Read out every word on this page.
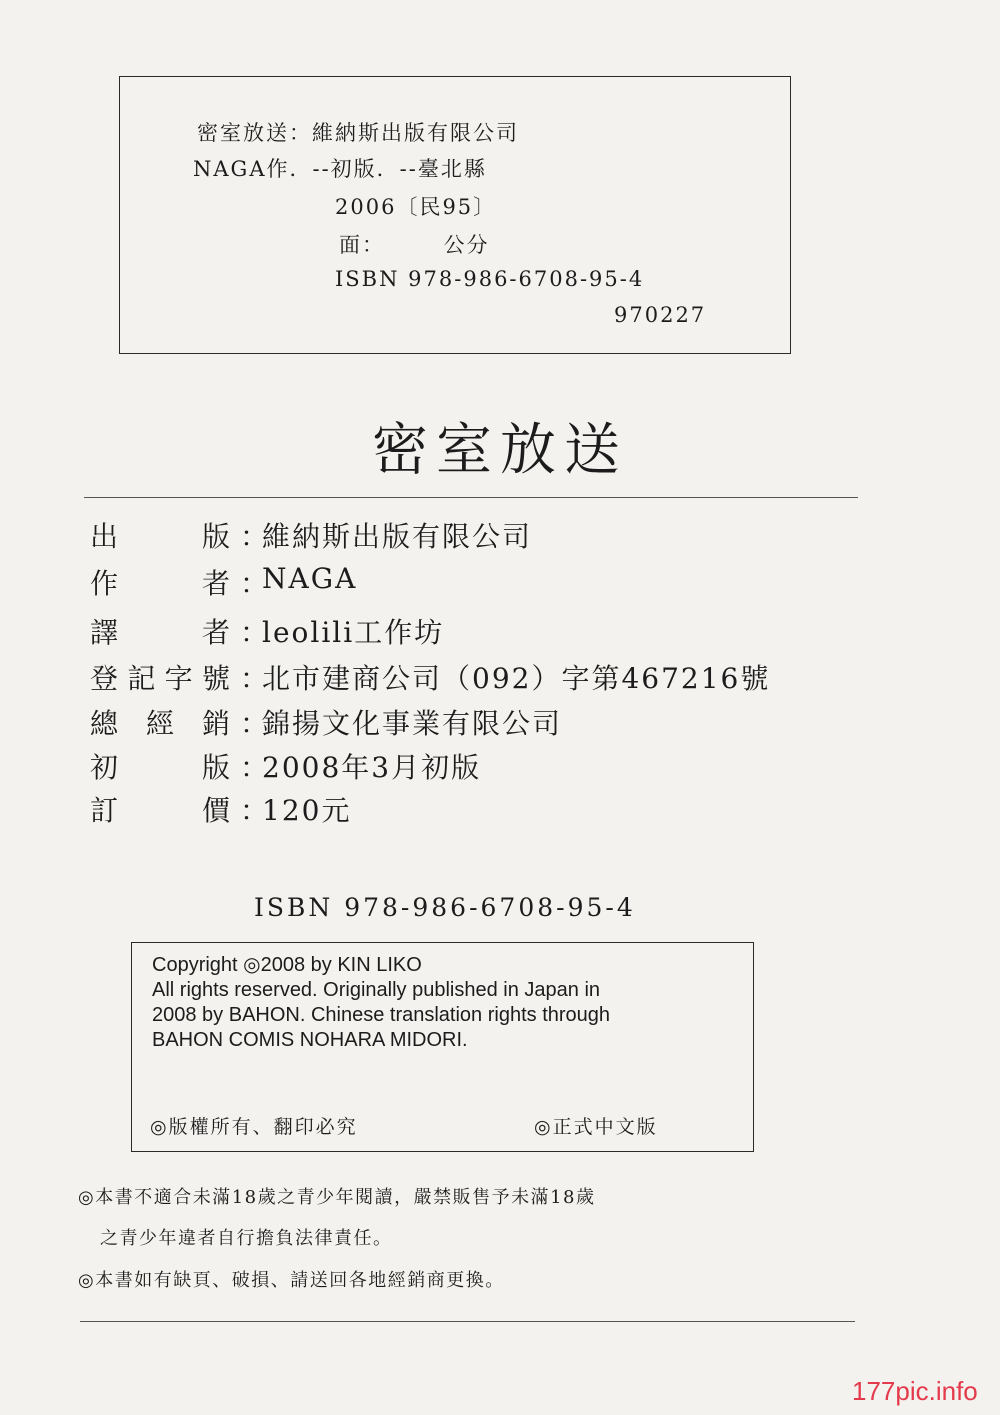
密室放送：維納斯出版有限公司
NAGA作．--初版．--臺北縣
2006〔民95〕
面：　　　公分
ISBN 978-986-6708-95-4
970227
密室放送
出	版 ：
維納斯出版有限公司
作	者 ：
NAGA
譯	者 ：
leolili工作坊
登 記 字 號 ：
北市建商公司（092）字第467216號
總 經 銷 ：
錦揚文化事業有限公司
初	版 ：
2008年3月初版
訂	價 ：
120元
ISBN 978-986-6708-95-4
Copyright ◎2008 by KIN LIKO
All rights reserved. Originally published in Japan in
2008 by BAHON. Chinese translation rights through
BAHON COMIS NOHARA MIDORI.
◎版權所有、翻印必究	◎正式中文版
◎本書不適合未滿18歲之青少年閱讀，嚴禁販售予未滿18歲
之青少年違者自行擔負法律責任。
◎本書如有缺頁、破損、請送回各地經銷商更換。
177pic.info
